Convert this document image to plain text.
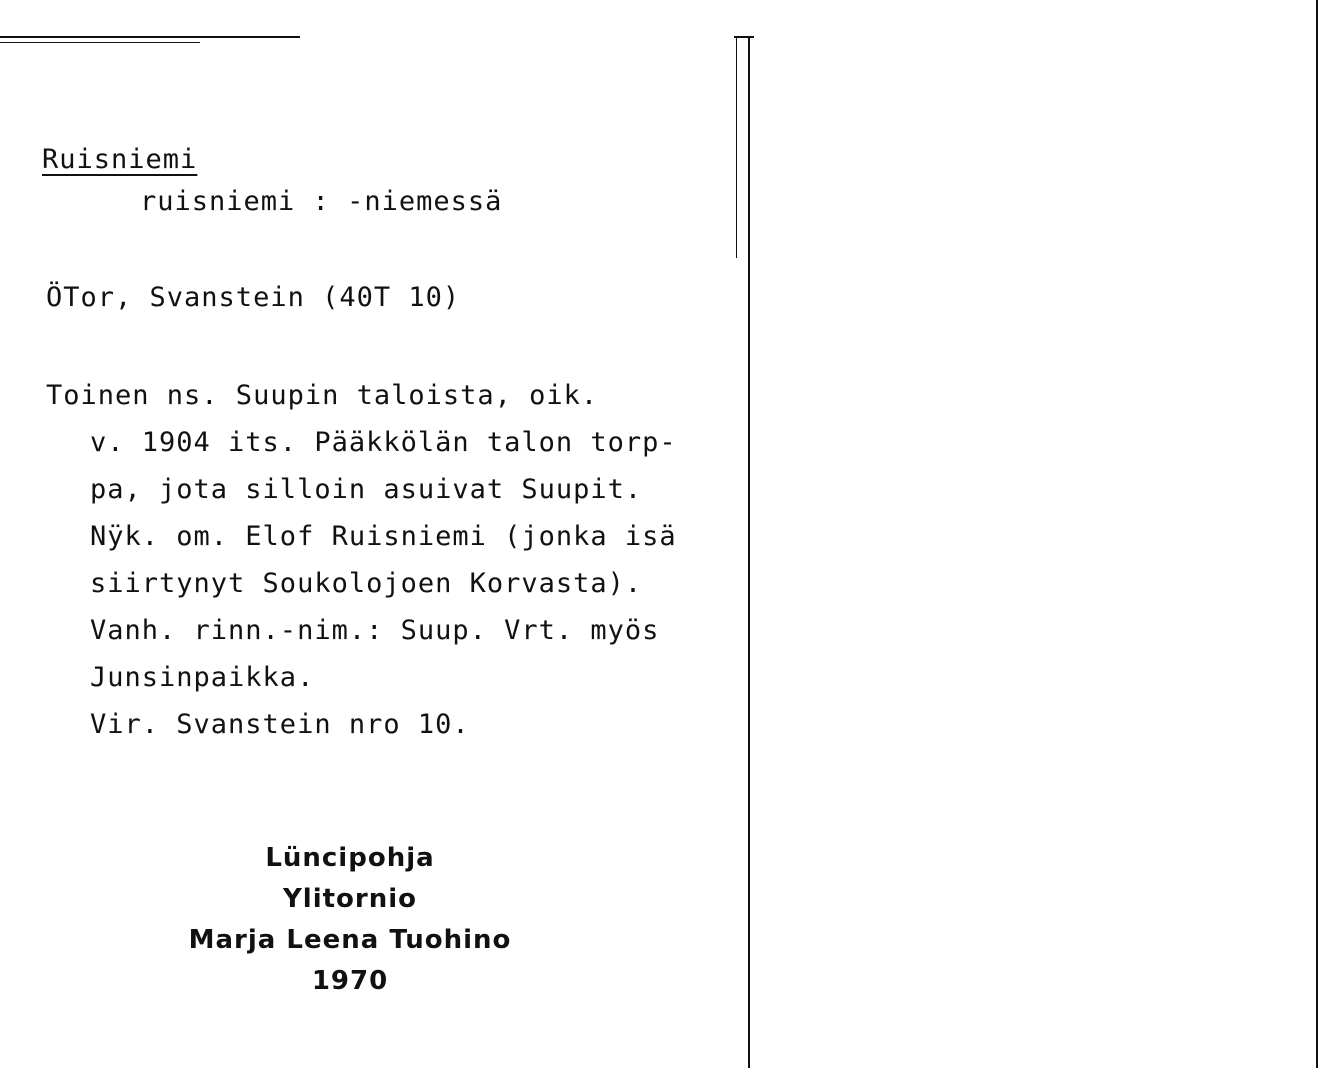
Ruisniemi
ruisniemi : -niemessä
ÖTor, Svanstein (40T 10)
Toinen ns. Suupin taloista, oik.
v. 1904 its. Pääkkölän talon torp-
pa, jota silloin asuivat Suupit.
Nÿk. om. Elof Ruisniemi (jonka isä
siirtynyt Soukolojoen Korvasta).
Vanh. rinn.-nim.: Suup. Vrt. myös
Junsinpaikka.
Vir. Svanstein nro 10.
Lüncipohja
Ylitornio
Marja Leena Tuohino
1970
